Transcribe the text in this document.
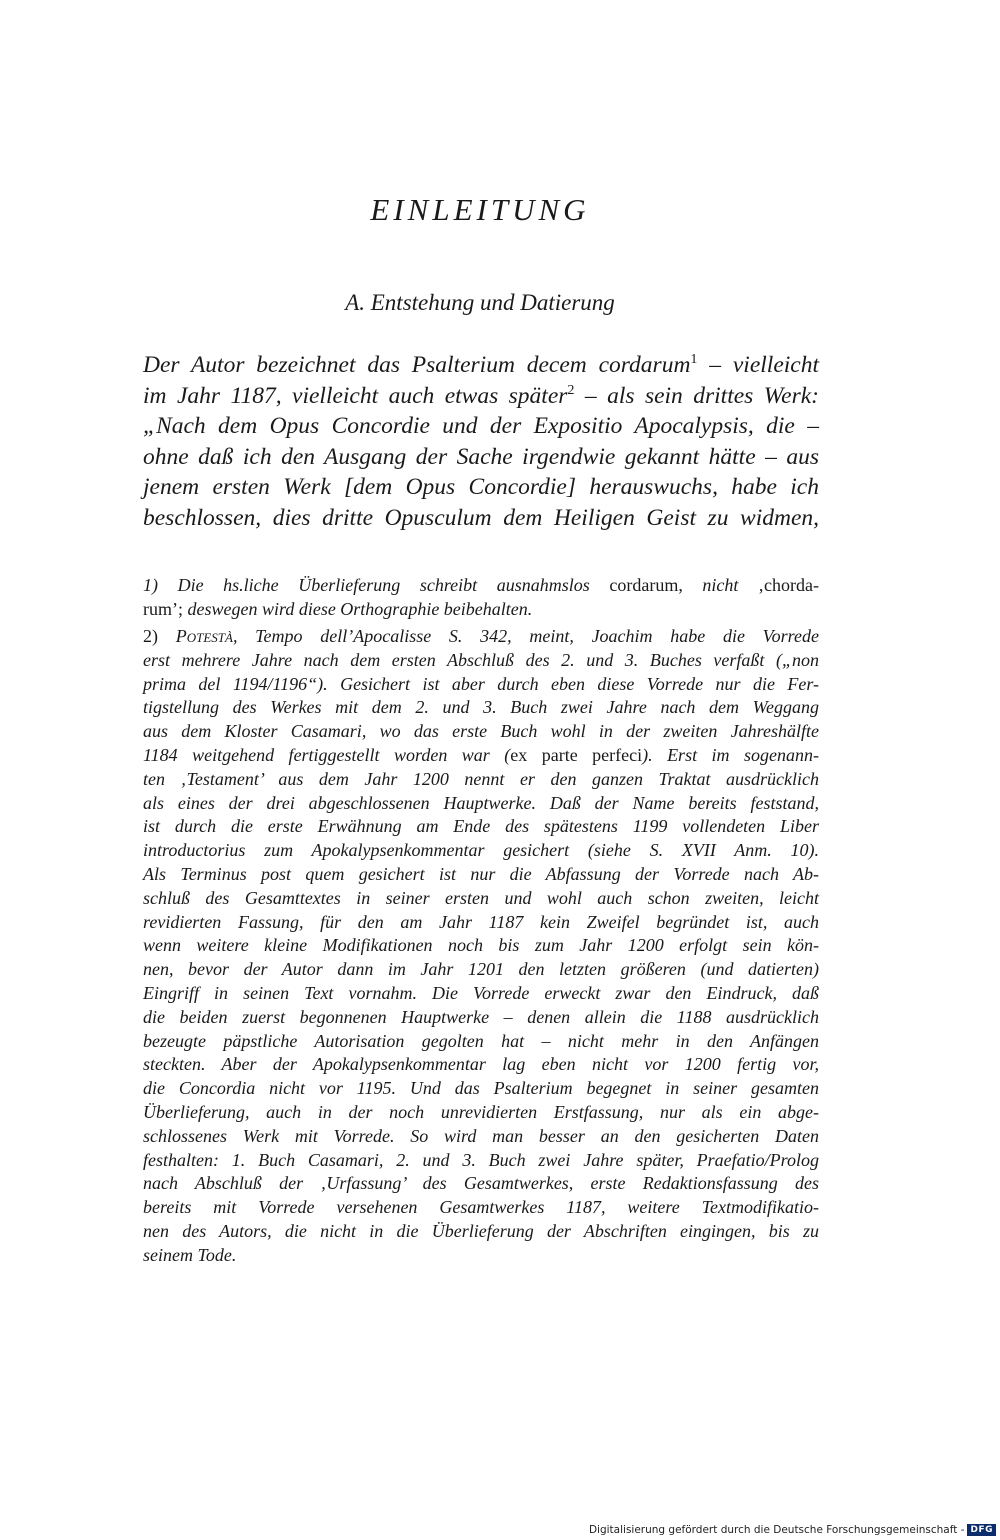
EINLEITUNG
A. Entstehung und Datierung
Der Autor bezeichnet das Psalterium decem cordarum$^1$ – vielleicht
im Jahr 1187, vielleicht auch etwas später$^2$ – als sein drittes Werk:
„Nach dem Opus Concordie und der Expositio Apocalypsis, die –
ohne daß ich den Ausgang der Sache irgendwie gekannt hätte – aus
jenem ersten Werk [dem Opus Concordie] herauswuchs, habe ich
beschlossen, dies dritte Opusculum dem Heiligen Geist zu widmen,
1) Die hs.liche Überlieferung schreibt ausnahmslos cordarum, nicht ‚chorda-
rum’; deswegen wird diese Orthographie beibehalten.
2) Potestà, Tempo dell’Apocalisse S. 342, meint, Joachim habe die Vorrede
erst mehrere Jahre nach dem ersten Abschluß des 2. und 3. Buches verfaßt („non
prima del 1194/1196“). Gesichert ist aber durch eben diese Vorrede nur die Fer-
tigstellung des Werkes mit dem 2. und 3. Buch zwei Jahre nach dem Weggang
aus dem Kloster Casamari, wo das erste Buch wohl in der zweiten Jahreshälfte
1184 weitgehend fertiggestellt worden war (ex parte perfeci). Erst im sogenann-
ten ‚Testament’ aus dem Jahr 1200 nennt er den ganzen Traktat ausdrücklich
als eines der drei abgeschlossenen Hauptwerke. Daß der Name bereits feststand,
ist durch die erste Erwähnung am Ende des spätestens 1199 vollendeten Liber
introductorius zum Apokalypsenkommentar gesichert (siehe S. XVII Anm. 10).
Als Terminus post quem gesichert ist nur die Abfassung der Vorrede nach Ab-
schluß des Gesamttextes in seiner ersten und wohl auch schon zweiten, leicht
revidierten Fassung, für den am Jahr 1187 kein Zweifel begründet ist, auch
wenn weitere kleine Modifikationen noch bis zum Jahr 1200 erfolgt sein kön-
nen, bevor der Autor dann im Jahr 1201 den letzten größeren (und datierten)
Eingriff in seinen Text vornahm. Die Vorrede erweckt zwar den Eindruck, daß
die beiden zuerst begonnenen Hauptwerke – denen allein die 1188 ausdrücklich
bezeugte päpstliche Autorisation gegolten hat – nicht mehr in den Anfängen
steckten. Aber der Apokalypsenkommentar lag eben nicht vor 1200 fertig vor,
die Concordia nicht vor 1195. Und das Psalterium begegnet in seiner gesamten
Überlieferung, auch in der noch unrevidierten Erstfassung, nur als ein abge-
schlossenes Werk mit Vorrede. So wird man besser an den gesicherten Daten
festhalten: 1. Buch Casamari, 2. und 3. Buch zwei Jahre später, Praefatio/Prolog
nach Abschluß der ‚Urfassung’ des Gesamtwerkes, erste Redaktionsfassung des
bereits mit Vorrede versehenen Gesamtwerkes 1187, weitere Textmodifikatio-
nen des Autors, die nicht in die Überlieferung der Abschriften eingingen, bis zu
seinem Tode.
Digitalisierung gefördert durch die Deutsche Forschungsgemeinschaft - DFG
